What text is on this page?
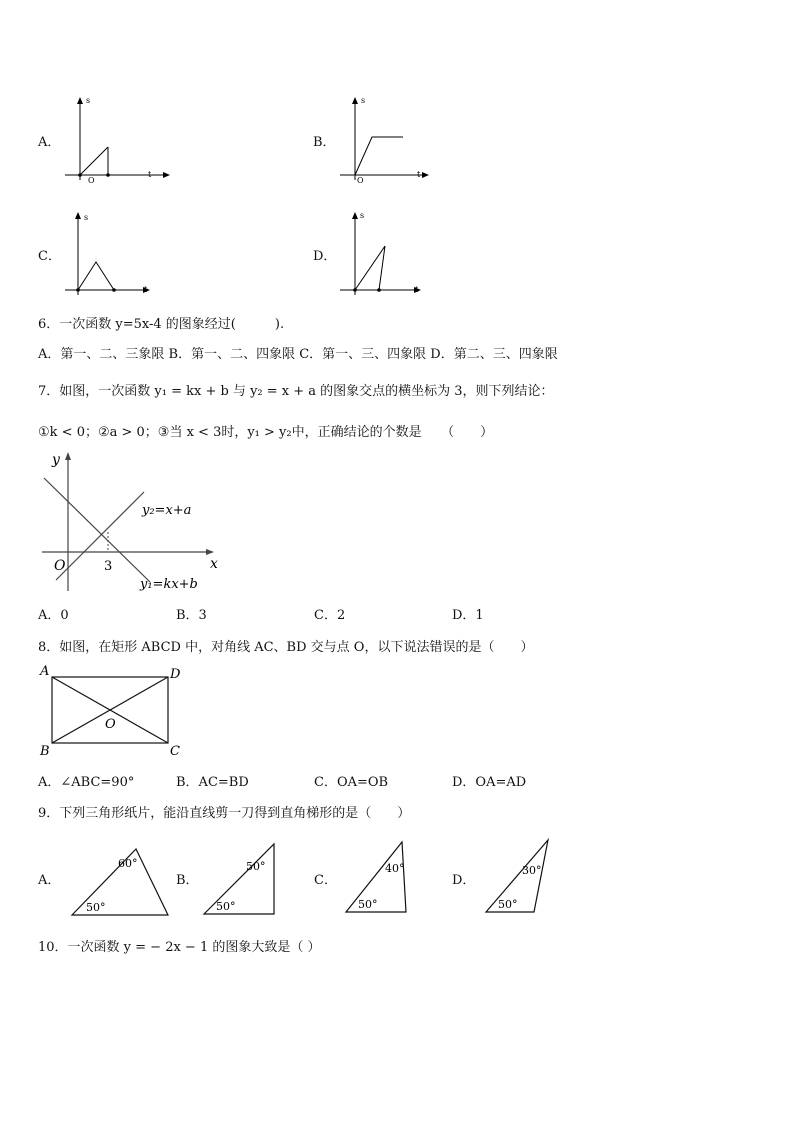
A．
s
O
t
B．
s
O
t
C．
s
t
D．
s
t
6．一次函数 y=5x-4 的图象经过(　　　).
A．第一、二、三象限 B．第一、二、四象限 C．第一、三、四象限 D．第二、三、四象限
7．如图，一次函数 y₁ = kx + b 与 y₂ = x + a 的图象交点的横坐标为 3，则下列结论：
①k < 0；②a > 0；③当 x < 3时，y₁ > y₂中，正确结论的个数是　　（　　）
y
x
O	3
y₂=x+a
y₁=kx+b
A．0	B．3	C．2	D．1
8．如图，在矩形 ABCD 中，对角线 AC、BD 交与点 O，以下说法错误的是（　　）
A	D
B	C
O
A．∠ABC=90°	B．AC=BD	C．OA=OB	D．OA=AD
9．下列三角形纸片，能沿直线剪一刀得到直角梯形的是（　　）
A．
60°
50°
B．
50°
50°
C．
40°
50°
D．
30°
50°
10．一次函数 y = − 2x − 1 的图象大致是（ ）
